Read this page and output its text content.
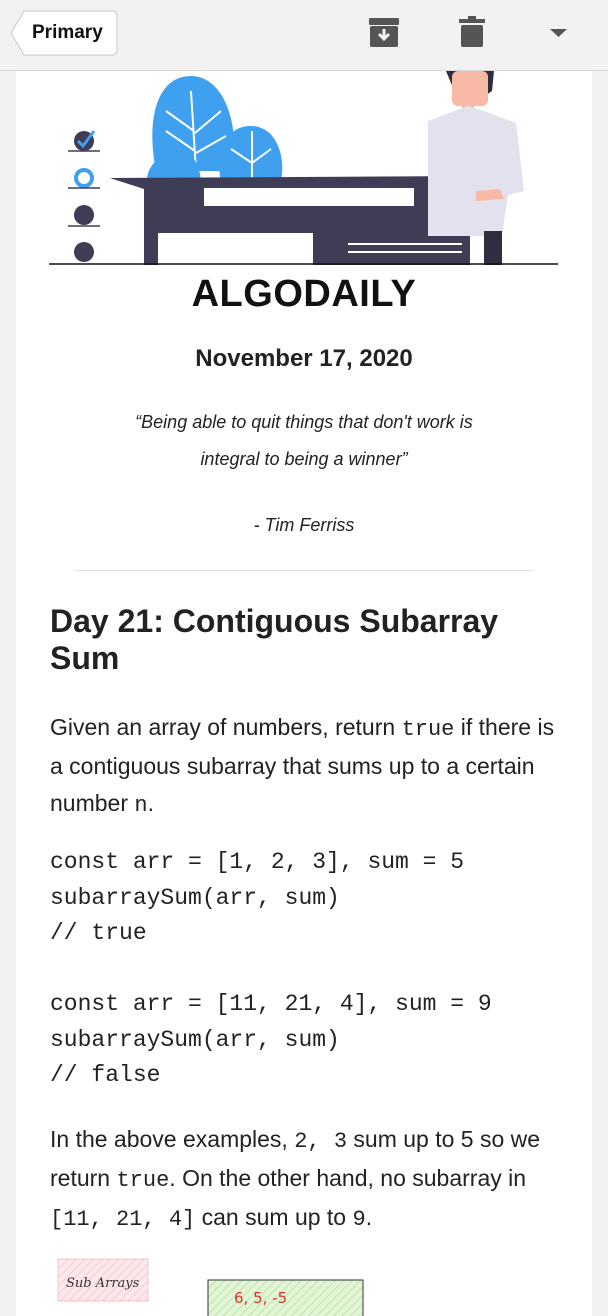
Primary
ALGODAILY
November 17, 2020
“Being able to quit things that don't work is
integral to being a winner”
- Tim Ferriss
Day 21: Contiguous Subarray Sum
Given an array of numbers, return true if there is a contiguous subarray that sums up to a certain number n.
const arr = [1, 2, 3], sum = 5
subarraySum(arr, sum)
// true
const arr = [11, 21, 4], sum = 9
subarraySum(arr, sum)
// false
In the above examples, 2, 3 sum up to 5 so we return true. On the other hand, no subarray in [11, 21, 4] can sum up to 9.
Sub Arrays
6, 5, -5
